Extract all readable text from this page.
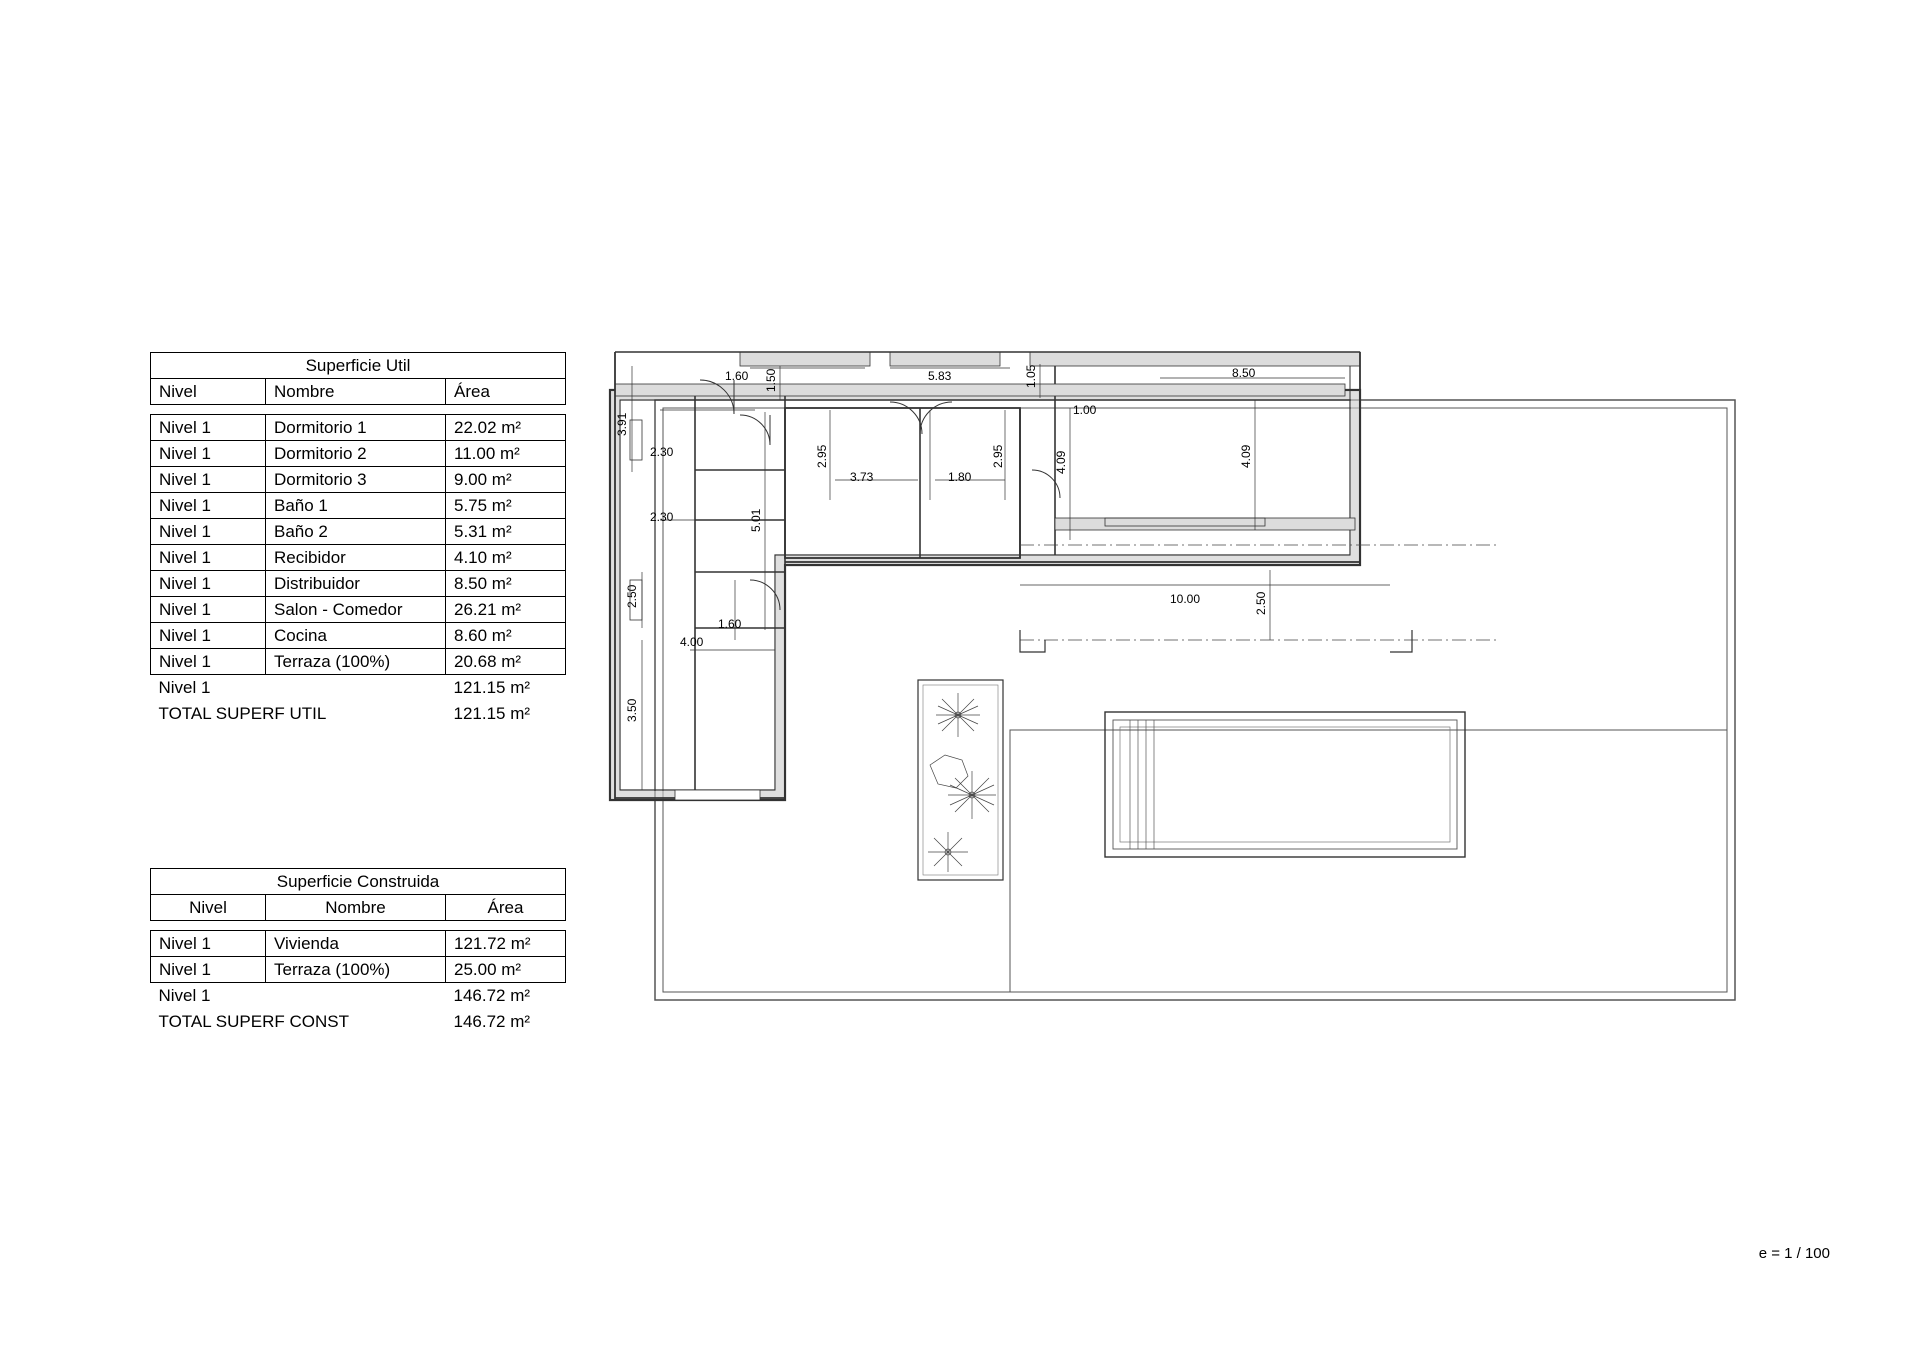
Superficie Util		
Nivel	Nombre	Área

Nivel 1	Dormitorio 1	22.02 m²
Nivel 1	Dormitorio 2	11.00 m²
Nivel 1	Dormitorio 3	9.00 m²
Nivel 1	Baño 1	5.75 m²
Nivel 1	Baño 2	5.31 m²
Nivel 1	Recibidor	4.10 m²
Nivel 1	Distribuidor	8.50 m²
Nivel 1	Salon - Comedor	26.21 m²
Nivel 1	Cocina	8.60 m²
Nivel 1	Terraza (100%)	20.68 m²
Nivel 1		121.15 m²
TOTAL SUPERF UTIL		121.15 m²
Superficie Construida		
Nivel	Nombre	Área

Nivel 1	Vivienda	121.72 m²
Nivel 1	Terraza (100%)	25.00 m²
Nivel 1		146.72 m²
TOTAL SUPERF CONST		146.72 m²
3.91
2.30
2.30
2.50
1.60
3.50
4.00
5.01
1.60 1.50	5.83	1.05
1.00
8.50
4.09	4.09
2.95	2.95
3.73	1.80
10.00	2.50
e = 1 / 100
